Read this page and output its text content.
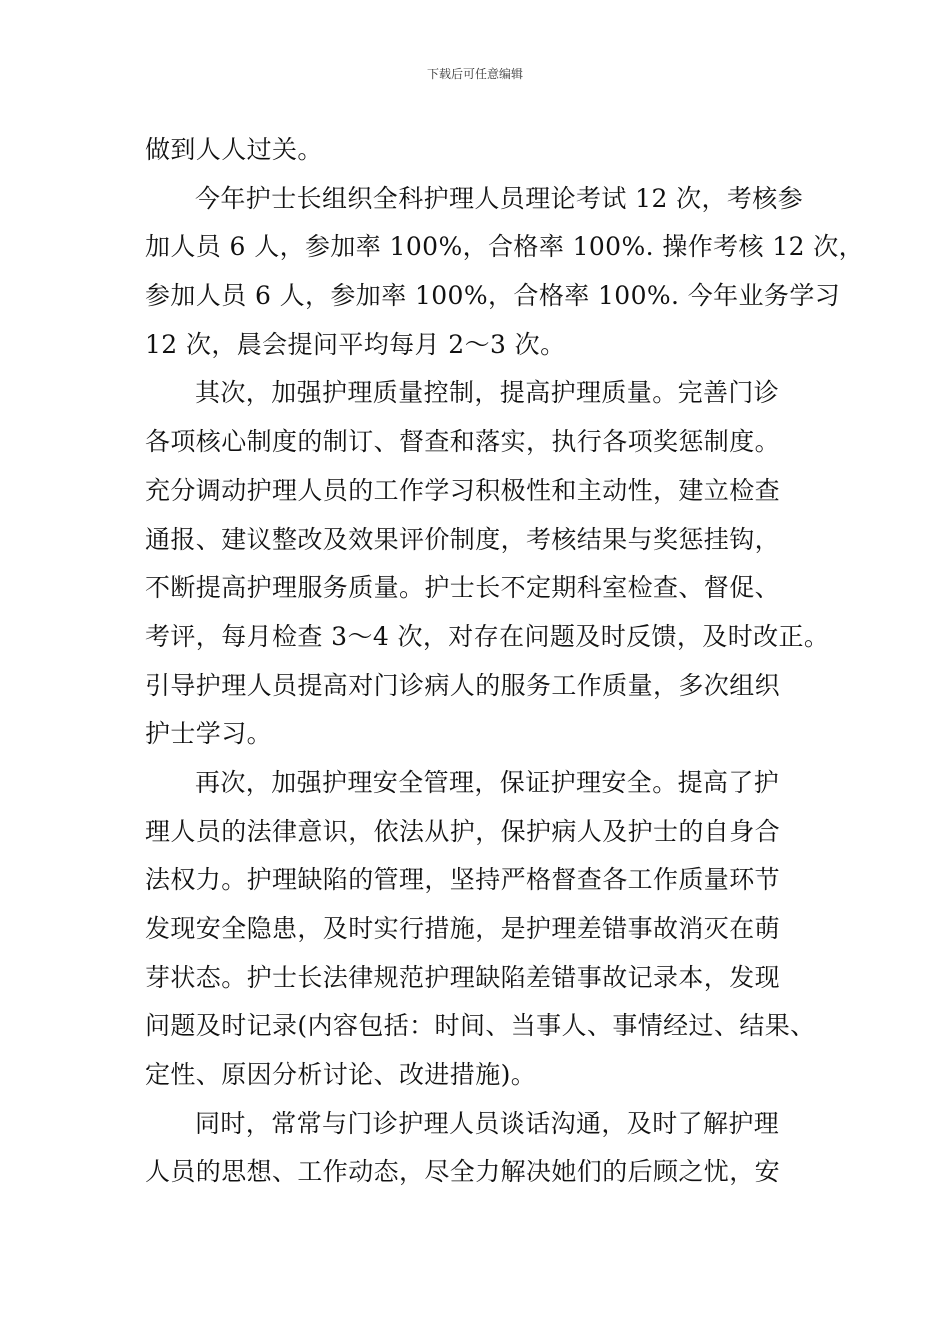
下载后可任意编辑
做到人人过关。
今年护士长组织全科护理人员理论考试 12 次，考核参
加人员 6 人，参加率 100%，合格率 100%. 操作考核 12 次，
参加人员 6 人，参加率 100%，合格率 100%. 今年业务学习
12 次，晨会提问平均每月 2～3 次。
其次，加强护理质量控制，提高护理质量。完善门诊
各项核心制度的制订、督查和落实，执行各项奖惩制度。
充分调动护理人员的工作学习积极性和主动性，建立检查
通报、建议整改及效果评价制度，考核结果与奖惩挂钩，
不断提高护理服务质量。护士长不定期科室检查、督促、
考评，每月检查 3～4 次，对存在问题及时反馈，及时改正。
引导护理人员提高对门诊病人的服务工作质量，多次组织
护士学习。
再次，加强护理安全管理，保证护理安全。提高了护
理人员的法律意识，依法从护，保护病人及护士的自身合
法权力。护理缺陷的管理，坚持严格督查各工作质量环节
发现安全隐患，及时实行措施，是护理差错事故消灭在萌
芽状态。护士长法律规范护理缺陷差错事故记录本，发现
问题及时记录(内容包括：时间、当事人、事情经过、结果、
定性、原因分析讨论、改进措施)。
同时，常常与门诊护理人员谈话沟通，及时了解护理
人员的思想、工作动态，尽全力解决她们的后顾之忧，安
